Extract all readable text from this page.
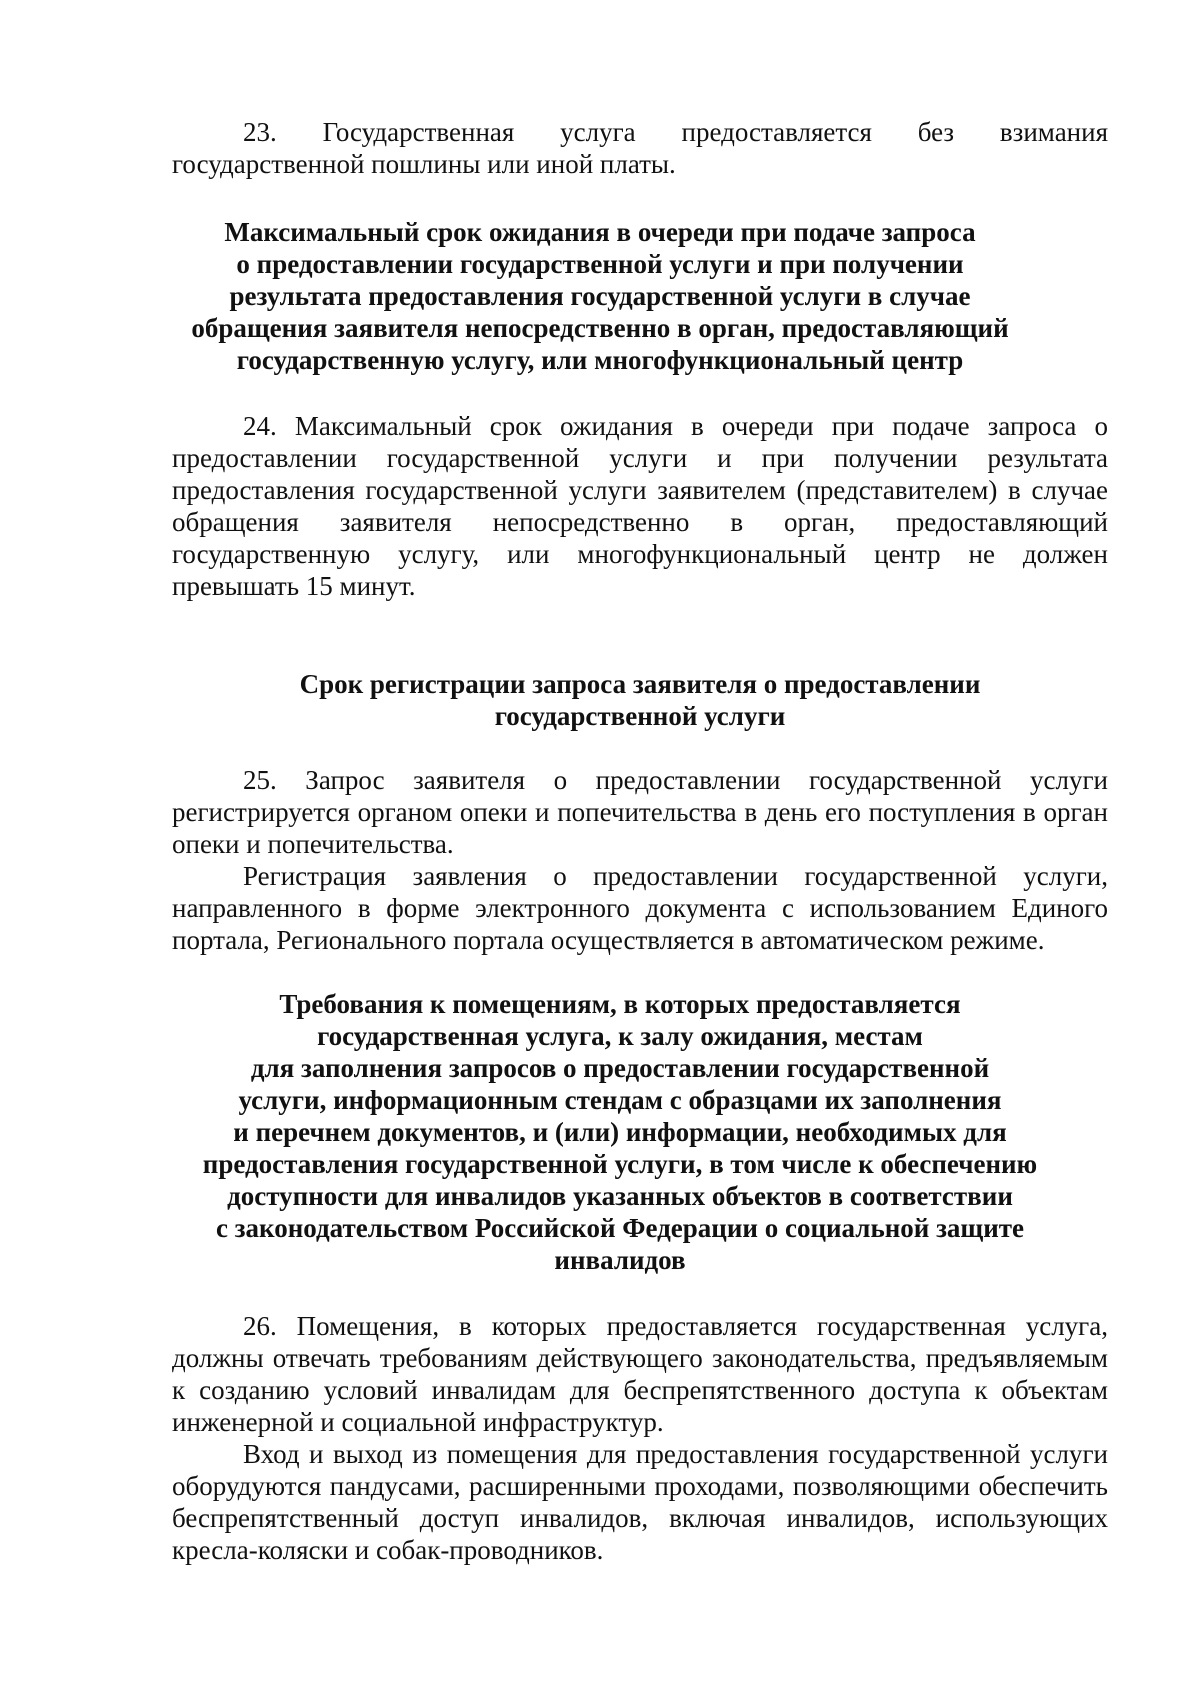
23. Государственная услуга предоставляется без взимания государственной пошлины или иной платы.

Максимальный срок ожидания в очереди при подаче запроса
о предоставлении государственной услуги и при получении
результата предоставления государственной услуги в случае
обращения заявителя непосредственно в орган, предоставляющий
государственную услугу, или многофункциональный центр

24. Максимальный срок ожидания в очереди при подаче запроса о предоставлении государственной услуги и при получении результата предоставления государственной услуги заявителем (представителем) в случае обращения заявителя непосредственно в орган, предоставляющий государственную услугу, или многофункциональный центр не должен превышать 15 минут.

Срок регистрации запроса заявителя о предоставлении
государственной услуги

25. Запрос заявителя о предоставлении государственной услуги регистрируется органом опеки и попечительства в день его поступления в орган опеки и попечительства.

Регистрация заявления о предоставлении государственной услуги, направленного в форме электронного документа с использованием Единого портала, Регионального портала осуществляется в автоматическом режиме.

Требования к помещениям, в которых предоставляется
государственная услуга, к залу ожидания, местам
для заполнения запросов о предоставлении государственной
услуги, информационным стендам с образцами их заполнения
и перечнем документов, и (или) информации, необходимых для
предоставления государственной услуги, в том числе к обеспечению
доступности для инвалидов указанных объектов в соответствии
с законодательством Российской Федерации о социальной защите
инвалидов

26. Помещения, в которых предоставляется государственная услуга, должны отвечать требованиям действующего законодательства, предъявляемым к созданию условий инвалидам для беспрепятственного доступа к объектам инженерной и социальной инфраструктур.

Вход и выход из помещения для предоставления государственной услуги оборудуются пандусами, расширенными проходами, позволяющими обеспечить беспрепятственный доступ инвалидов, включая инвалидов, использующих кресла-коляски и собак-проводников.
